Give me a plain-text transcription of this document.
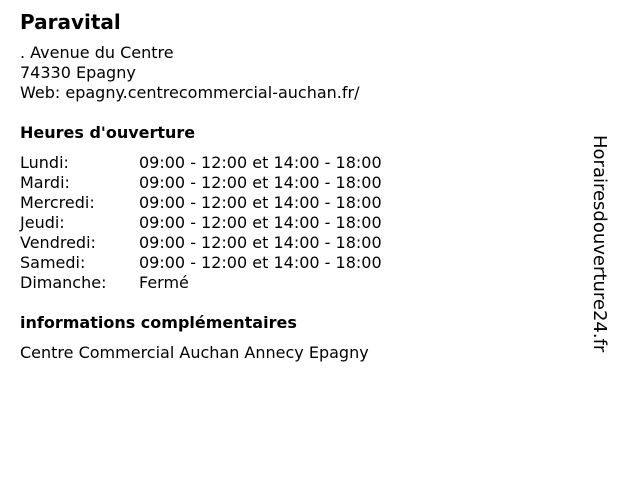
Paravital
. Avenue du Centre
74330 Epagny
Web: epagny.centrecommercial-auchan.fr/
Heures d'ouverture
Lundi:	09:00 - 12:00 et 14:00 - 18:00
Mardi:	09:00 - 12:00 et 14:00 - 18:00
Mercredi:	09:00 - 12:00 et 14:00 - 18:00
Jeudi:	09:00 - 12:00 et 14:00 - 18:00
Vendredi:	09:00 - 12:00 et 14:00 - 18:00
Samedi:	09:00 - 12:00 et 14:00 - 18:00
Dimanche:	Fermé
informations complémentaires
Centre Commercial Auchan Annecy Epagny
Horairesdouverture24.fr
